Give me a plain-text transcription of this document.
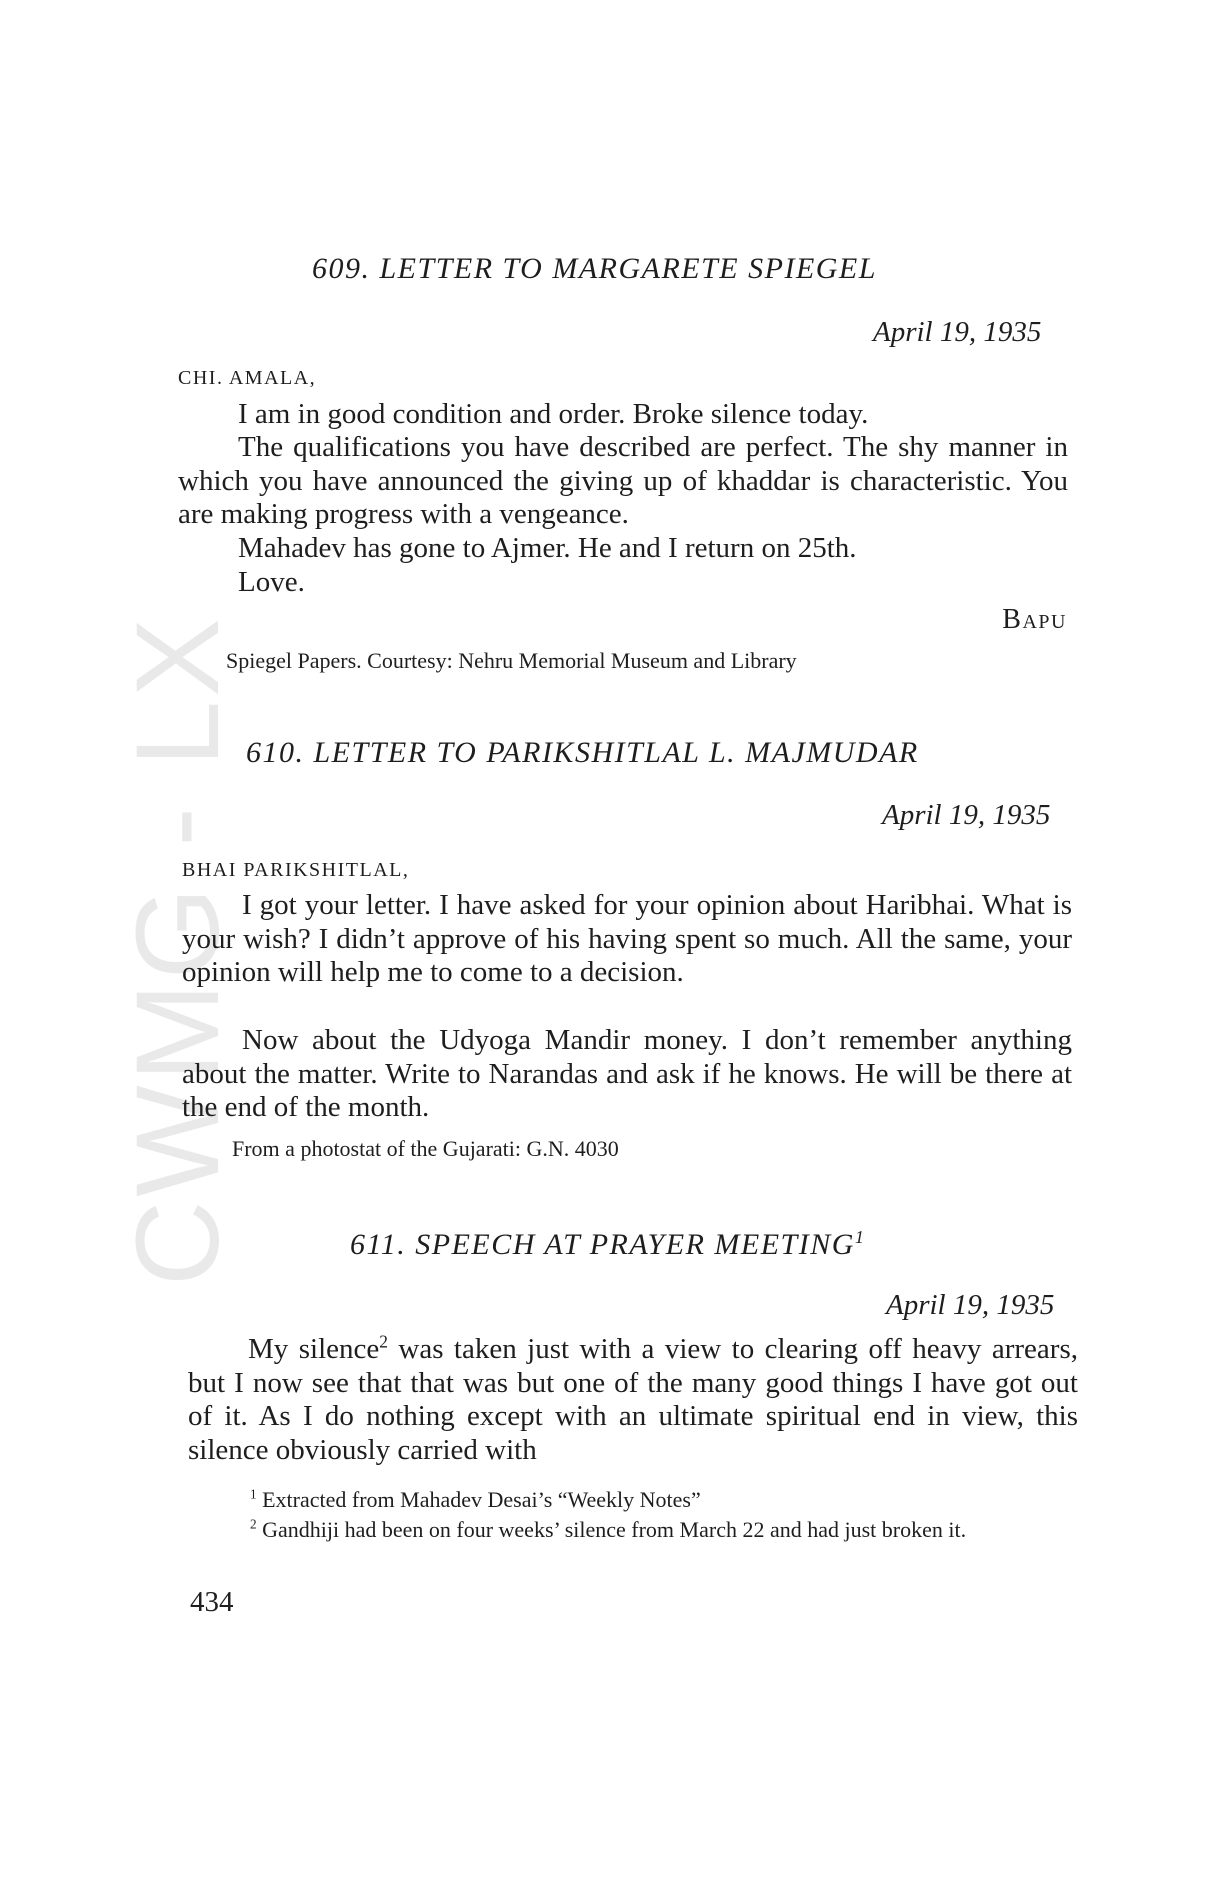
CWMG - LX
609. LETTER TO MARGARETE SPIEGEL
April 19, 1935
CHI. AMALA,
I am in good condition and order. Broke silence today.

The qualifications you have described are perfect. The shy manner in which you have announced the giving up of khaddar is characteristic. You are making progress with a vengeance.

Mahadev has gone to Ajmer. He and I return on 25th.
Love.
BAPU
Spiegel Papers. Courtesy: Nehru Memorial Museum and Library
610. LETTER TO PARIKSHITLAL L. MAJMUDAR
April 19, 1935
BHAI PARIKSHITLAL,

I got your letter. I have asked for your opinion about Haribhai. What is your wish? I didn’t approve of his having spent so much. All the same, your opinion will help me to come to a decision.

Now about the Udyoga Mandir money. I don’t remember anything about the matter. Write to Narandas and ask if he knows. He will be there at the end of the month.

From a photostat of the Gujarati: G.N. 4030
611. SPEECH AT PRAYER MEETING$^1$
April 19, 1935

My silence$^2$ was taken just with a view to clearing off heavy arrears, but I now see that that was but one of the many good things I have got out of it. As I do nothing except with an ultimate spiritual end in view, this silence obviously carried with

$^1$ Extracted from Mahadev Desai’s “Weekly Notes”

$^2$ Gandhiji had been on four weeks’ silence from March 22 and had just broken it.

434
